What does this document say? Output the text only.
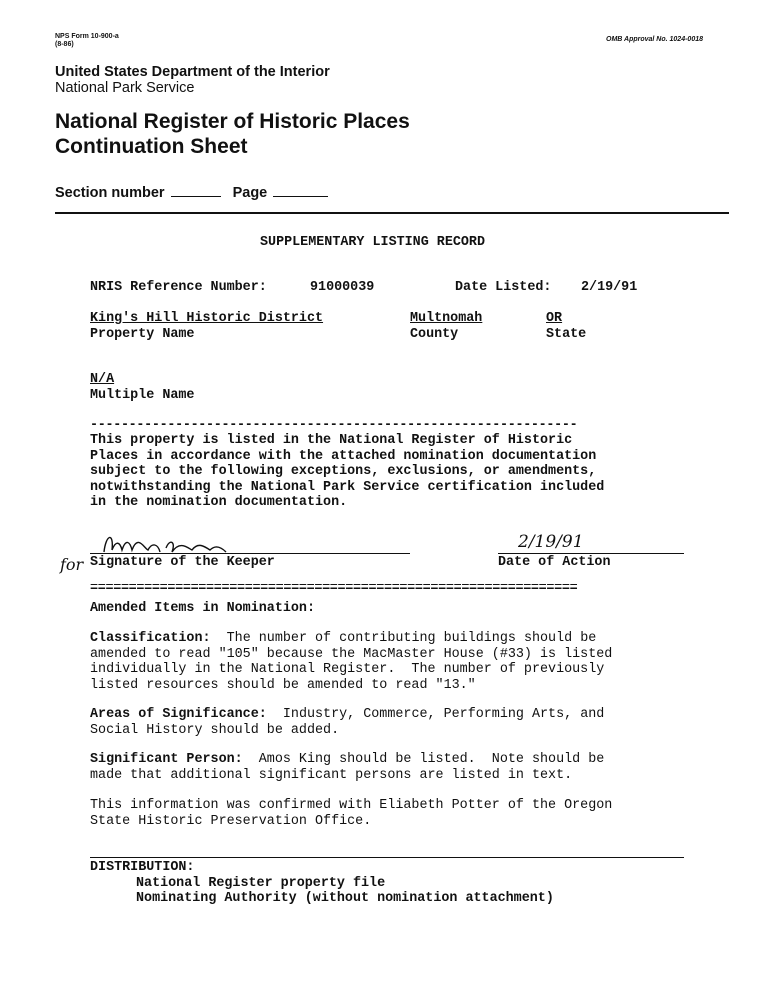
NPS Form 10-900-a
(8-86)
OMB Approval No. 1024-0018
United States Department of the Interior
National Park Service
National Register of Historic Places
Continuation Sheet
Section number	Page
SUPPLEMENTARY LISTING RECORD
NRIS Reference Number:	91000039	Date Listed: 2/19/91
King's Hill Historic District
Property Name
Multnomah
County
OR
State
N/A
Multiple Name
---------------------------------------------------------------
This property is listed in the National Register of Historic
Places in accordance with the attached nomination documentation
subject to the following exceptions, exclusions, or amendments,
notwithstanding the National Park Service certification included
in the nomination documentation.
for Signature of the Keeper
2/19/91
Date of Action
===============================================================
Amended Items in Nomination:
Classification:  The number of contributing buildings should be
amended to read "105" because the MacMaster House (#33) is listed
individually in the National Register.  The number of previously
listed resources should be amended to read "13."
Areas of Significance:  Industry, Commerce, Performing Arts, and
Social History should be added.
Significant Person:  Amos King should be listed.  Note should be
made that additional significant persons are listed in text.
This information was confirmed with Eliabeth Potter of the Oregon
State Historic Preservation Office.
DISTRIBUTION:
National Register property file
Nominating Authority (without nomination attachment)
